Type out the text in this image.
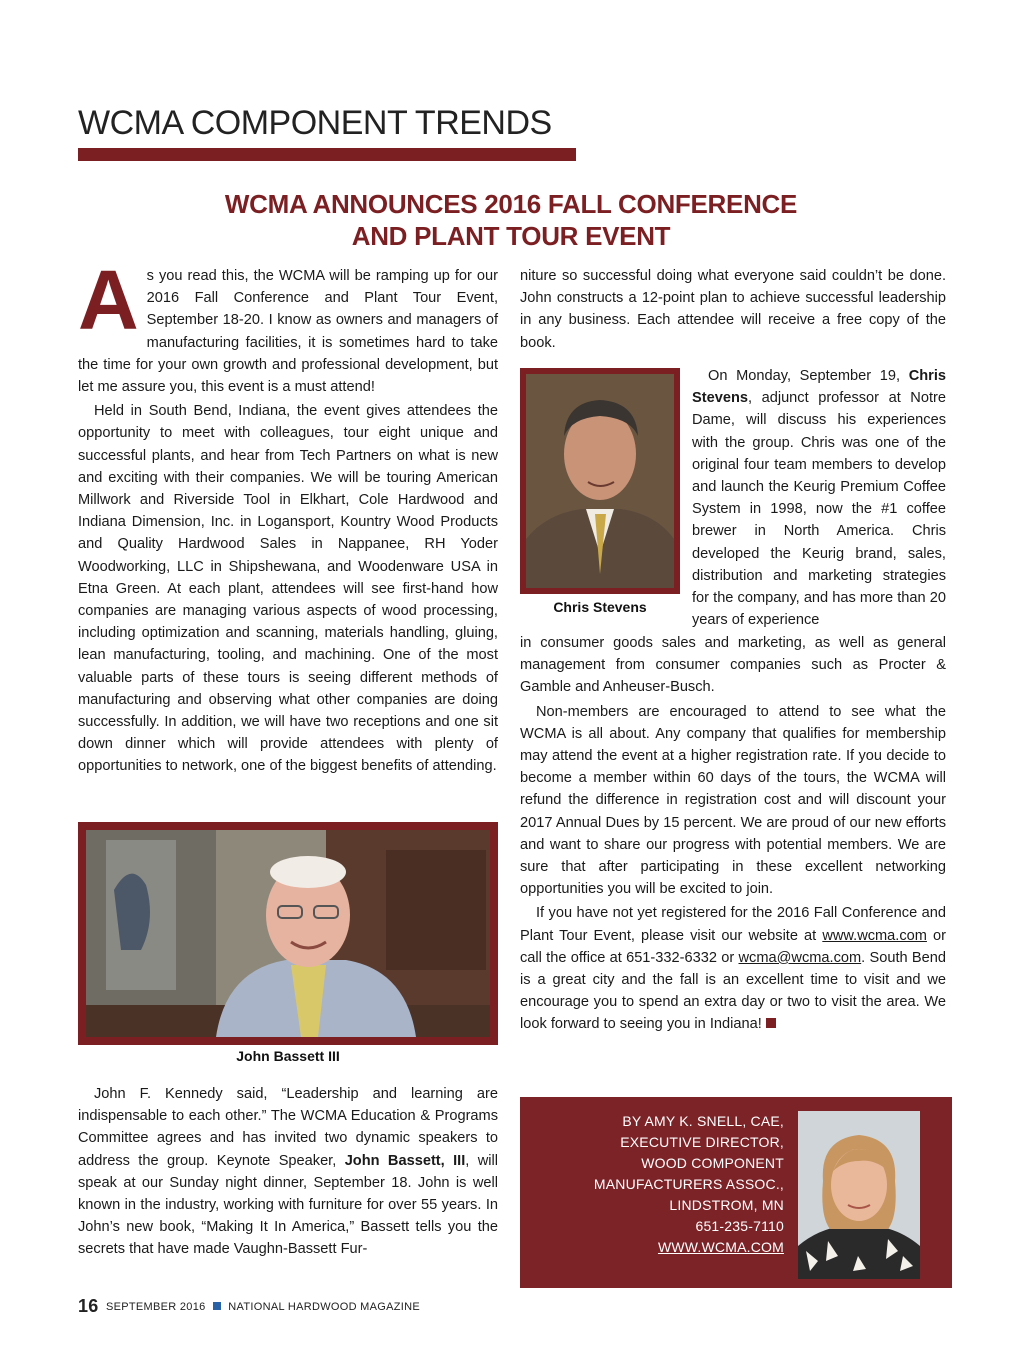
WCMA COMPONENT TRENDS
WCMA ANNOUNCES 2016 FALL CONFERENCE
AND PLANT TOUR EVENT

As you read this, the WCMA will be ramping up for our 2016 Fall Conference and Plant Tour Event, September 18-20. I know as owners and managers of manufacturing facilities, it is sometimes hard to take the time for your own growth and professional development, but let me assure you, this event is a must attend!

Held in South Bend, Indiana, the event gives attendees the opportunity to meet with colleagues, tour eight unique and successful plants, and hear from Tech Partners on what is new and exciting with their companies. We will be touring American Millwork and Riverside Tool in Elkhart, Cole Hardwood and Indiana Dimension, Inc. in Logansport, Kountry Wood Products and Quality Hardwood Sales in Nappanee, RH Yoder Woodworking, LLC in Shipshewana, and Woodenware USA in Etna Green. At each plant, attendees will see first-hand how companies are managing various aspects of wood processing, including optimization and scanning, materials handling, gluing, lean manufacturing, tooling, and machining. One of the most valuable parts of these tours is seeing different methods of manufacturing and observing what other companies are doing successfully. In addition, we will have two receptions and one sit down dinner which will provide attendees with plenty of opportunities to network, one of the biggest benefits of attending.

John Bassett III

John F. Kennedy said, “Leadership and learning are indispensable to each other.” The WCMA Education & Programs Committee agrees and has invited two dynamic speakers to address the group. Keynote Speaker, John Bassett, III, will speak at our Sunday night dinner, September 18. John is well known in the industry, working with furniture for over 55 years. In John’s new book, “Making It In America,” Bassett tells you the secrets that have made Vaughn-Bassett Fur-

niture so successful doing what everyone said couldn’t be done. John constructs a 12-point plan to achieve successful leadership in any business. Each attendee will receive a free copy of the book.

Chris Stevens

On Monday, September 19, Chris Stevens, adjunct professor at Notre Dame, will discuss his experiences with the group. Chris was one of the original four team members to develop and launch the Keurig Premium Coffee System in 1998, now the #1 coffee brewer in North America. Chris developed the Keurig brand, sales, distribution and marketing strategies for the company, and has more than 20 years of experience

in consumer goods sales and marketing, as well as general management from consumer companies such as Procter & Gamble and Anheuser-Busch.

Non-members are encouraged to attend to see what the WCMA is all about. Any company that qualifies for membership may attend the event at a higher registration rate. If you decide to become a member within 60 days of the tours, the WCMA will refund the difference in registration cost and will discount your 2017 Annual Dues by 15 percent. We are proud of our new efforts and want to share our progress with potential members. We are sure that after participating in these excellent networking opportunities you will be excited to join.

If you have not yet registered for the 2016 Fall Conference and Plant Tour Event, please visit our website at www.wcma.com or call the office at 651-332-6332 or wcma@wcma.com. South Bend is a great city and the fall is an excellent time to visit and we encourage you to spend an extra day or two to visit the area. We look forward to seeing you in Indiana!

BY AMY K. SNELL, CAE,
EXECUTIVE DIRECTOR,
WOOD COMPONENT
MANUFACTURERS ASSOC.,
LINDSTROM, MN
651-235-7110
WWW.WCMA.COM
16 SEPTEMBER 2016 NATIONAL HARDWOOD MAGAZINE
